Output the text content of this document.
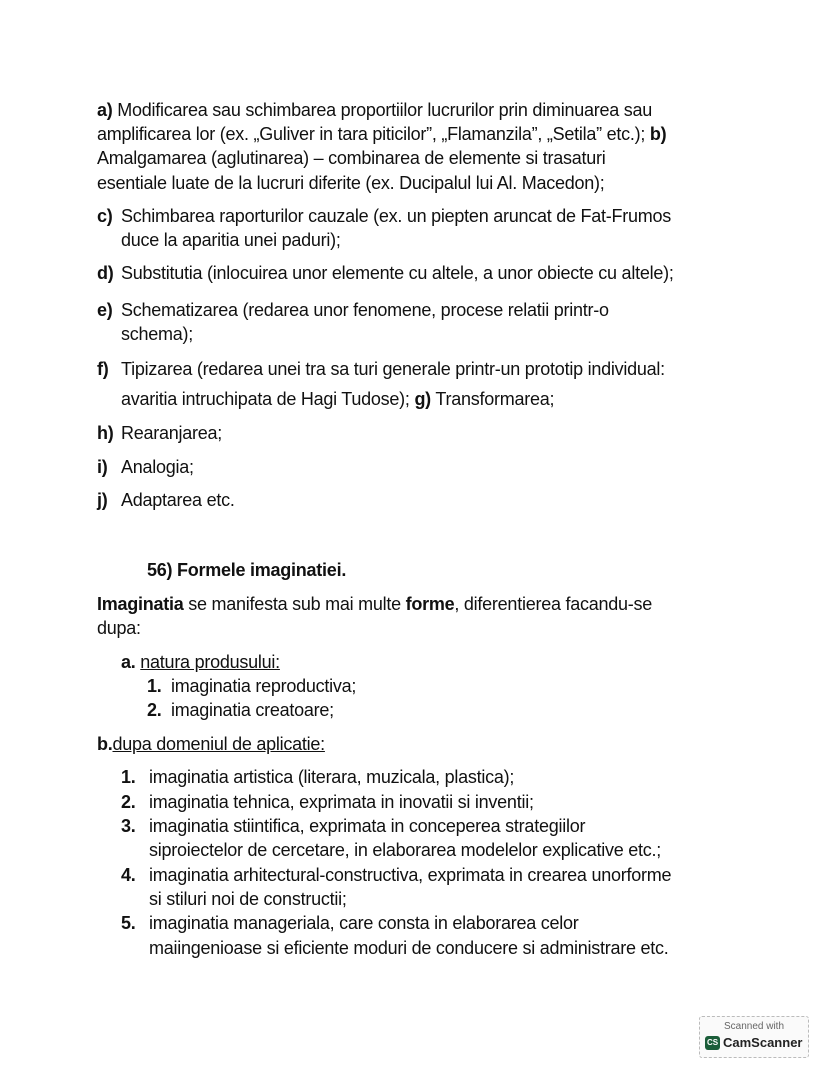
a) Modificarea sau schimbarea proportiilor lucrurilor prin diminuarea sau
amplificarea lor (ex. „Guliver in tara piticilor”, „Flamanzila”, „Setila” etc.); b)
Amalgamarea (aglutinarea) – combinarea de elemente si trasaturi
esentiale luate de la lucruri diferite (ex. Ducipalul lui Al. Macedon);
c) Schimbarea raporturilor cauzale (ex. un piepten aruncat de Fat-Frumos
duce la aparitia unei paduri);
d) Substitutia (inlocuirea unor elemente cu altele, a unor obiecte cu altele);
e) Schematizarea (redarea unor fenomene, procese relatii printr-o
schema);
f) Tipizarea (redarea unei tra sa turi generale printr-un prototip individual:
avaritia intruchipata de Hagi Tudose); g) Transformarea;
h) Rearanjarea;
i) Analogia;
j) Adaptarea etc.
56) Formele imaginatiei.
Imaginatia se manifesta sub mai multe forme, diferentierea facandu-se
dupa:
a. natura produsului:
1. imaginatia reproductiva;
2. imaginatia creatoare;
b.dupa domeniul de aplicatie:
1. imaginatia artistica (literara, muzicala, plastica);
2. imaginatia tehnica, exprimata in inovatii si inventii;
3. imaginatia stiintifica, exprimata in conceperea strategiilor
siproiectelor de cercetare, in elaborarea modelelor explicative etc.;
4. imaginatia arhitectural-constructiva, exprimata in crearea unorforme
si stiluri noi de constructii;
5. imaginatia manageriala, care consta in elaborarea celor
maiingenioase si eficiente moduri de conducere si administrare etc.
Scanned with
CS CamScanner
